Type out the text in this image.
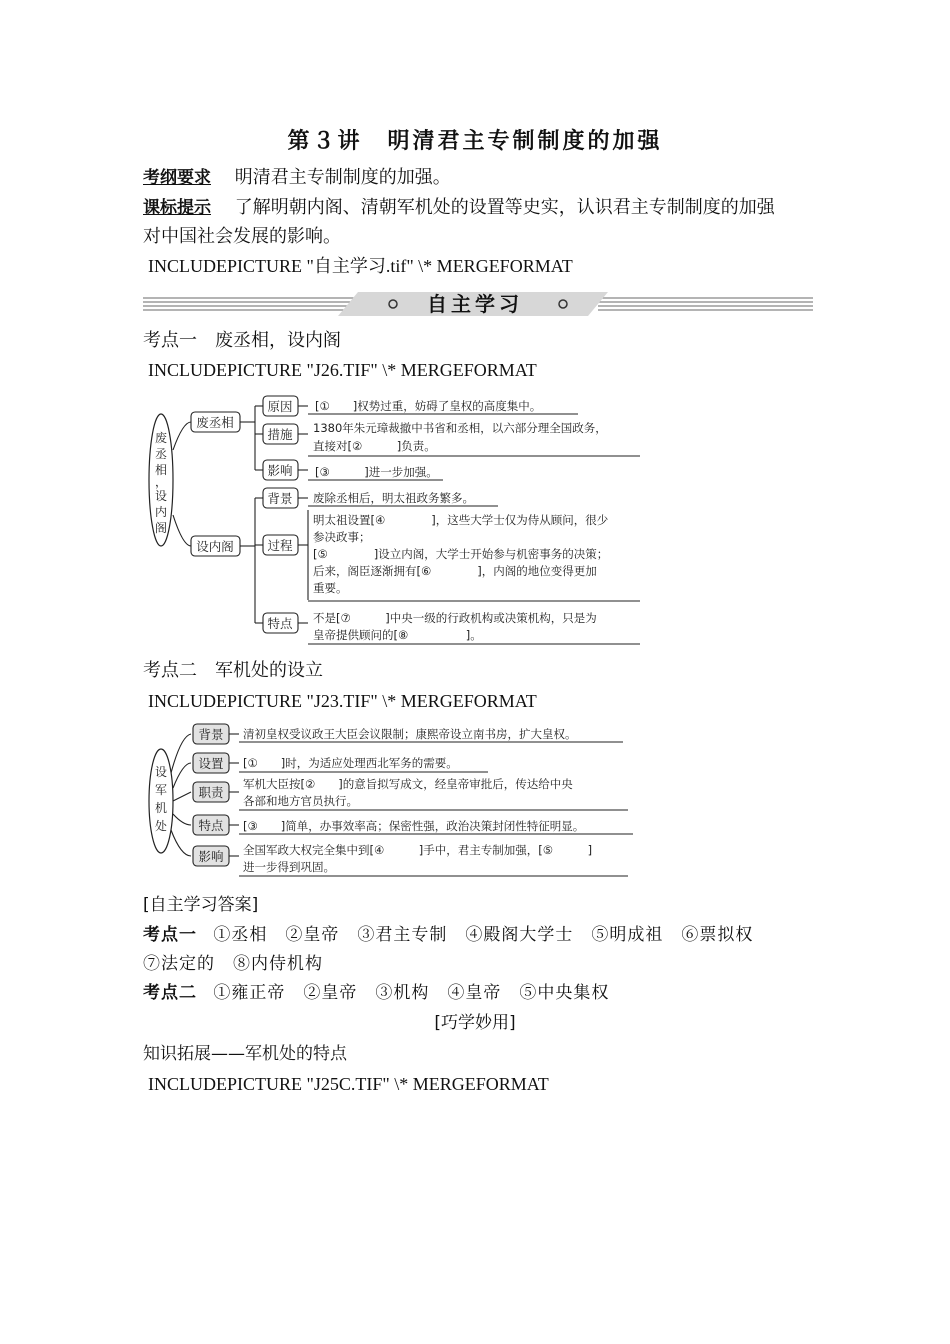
第３讲　明清君主专制制度的加强
考纲要求 明清君主专制制度的加强。
课标提示 了解明朝内阁、清朝军机处的设置等史实，认识君主专制制度的加强
对中国社会发展的影响。
INCLUDEPICTURE "自主学习.tif" \* MERGEFORMAT
自主学习
考点一　废丞相，设内阁
INCLUDEPICTURE "J26.TIF" \* MERGEFORMAT
废
丞
相
，
设
内
阁
废丞相
设内阁
原因
措施
影响
背景
过程
特点
[①　　]权势过重，妨碍了皇权的高度集中。
1380年朱元璋裁撤中书省和丞相，以六部分理全国政务，
直接对[②　　　]负责。
[③　　　]进一步加强。
废除丞相后，明太祖政务繁多。
明太祖设置[④　　　　]，这些大学士仅为侍从顾问，很少
参决政事；
[⑤　　　　]设立内阁，大学士开始参与机密事务的决策；
后来，阁臣逐渐拥有[⑥　　　　]，内阁的地位变得更加
重要。
不是[⑦　　　]中央一级的行政机构或决策机构，只是为
皇帝提供顾问的[⑧　　　　　]。
考点二　军机处的设立
INCLUDEPICTURE "J23.TIF" \* MERGEFORMAT
设
军
机
处
背景
设置
职责
特点
影响
清初皇权受议政王大臣会议限制；康熙帝设立南书房，扩大皇权。
[①　　]时，为适应处理西北军务的需要。
军机大臣按[②　　]的意旨拟写成文，经皇帝审批后，传达给中央
各部和地方官员执行。
[③　　]简单，办事效率高；保密性强，政治决策封闭性特征明显。
全国军政大权完全集中到[④　　　]手中，君主专制加强，[⑤　　　]
进一步得到巩固。
[自主学习答案]
考点一 ①丞相　②皇帝　③君主专制　④殿阁大学士　⑤明成祖　⑥票拟权
⑦法定的　⑧内侍机构
考点二 ①雍正帝　②皇帝　③机构　④皇帝　⑤中央集权
[巧学妙用]
知识拓展——军机处的特点
INCLUDEPICTURE "J25C.TIF" \* MERGEFORMAT
